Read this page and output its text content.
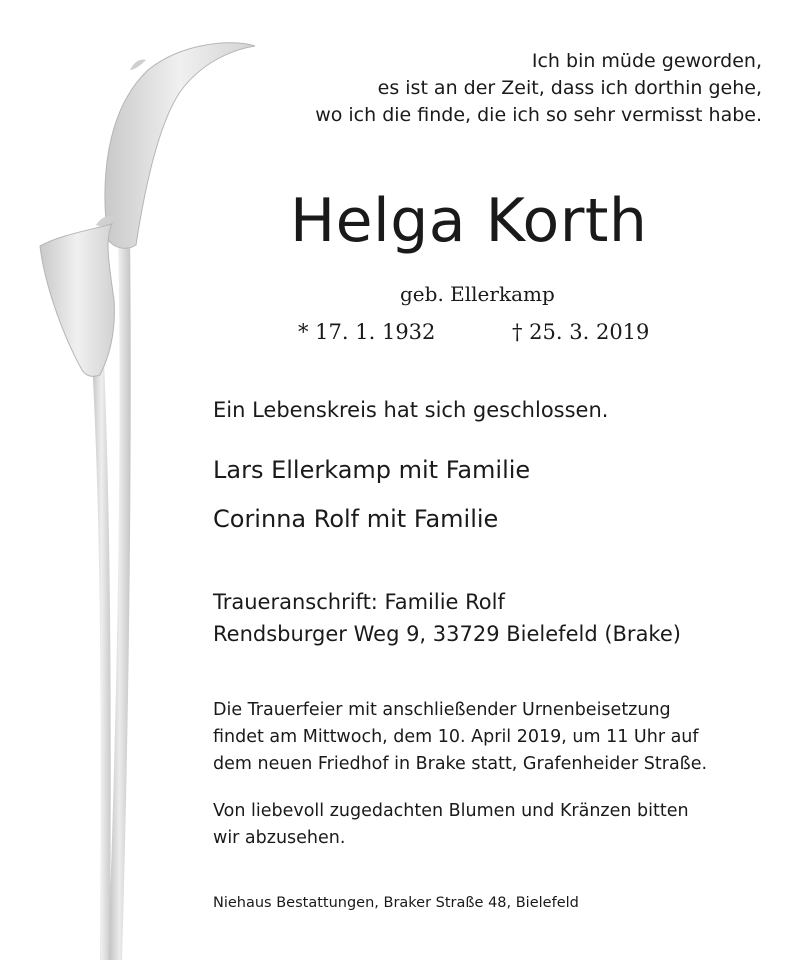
Ich bin müde geworden,
es ist an der Zeit, dass ich dorthin gehe,
wo ich die finde, die ich so sehr vermisst habe.
Helga Korth
geb. Ellerkamp
* 17. 1. 1932	† 25. 3. 2019
Ein Lebenskreis hat sich geschlossen.
Lars Ellerkamp mit Familie
Corinna Rolf mit Familie
Traueranschrift: Familie Rolf
Rendsburger Weg 9, 33729 Bielefeld (Brake)
Die Trauerfeier mit anschließender Urnenbeisetzung
findet am Mittwoch, dem 10. April 2019, um 11 Uhr auf
dem neuen Friedhof in Brake statt, Grafenheider Straße.
Von liebevoll zugedachten Blumen und Kränzen bitten
wir abzusehen.
Niehaus Bestattungen, Braker Straße 48, Bielefeld
